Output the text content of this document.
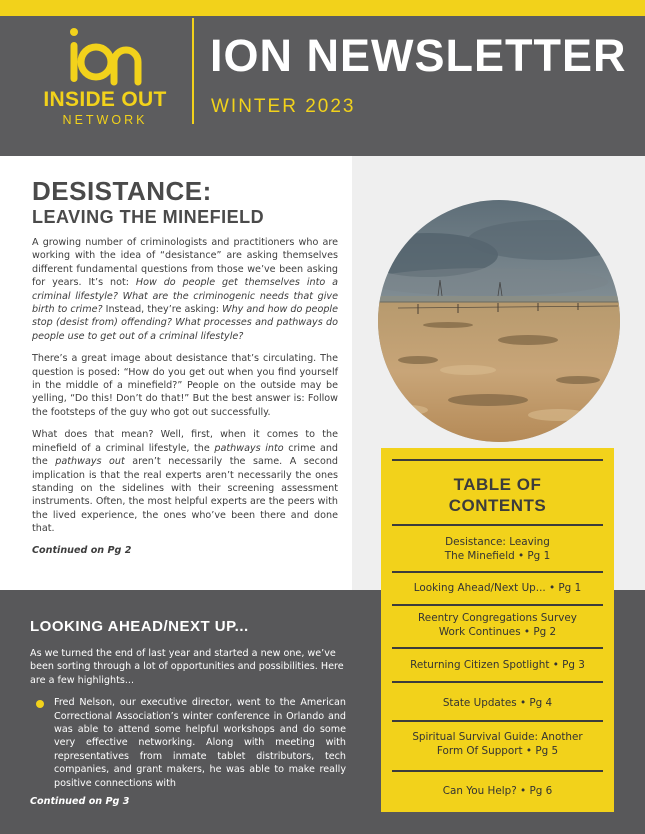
INSIDE OUT
NETWORK
ION NEWSLETTER
WINTER 2023
DESISTANCE:
LEAVING THE MINEFIELD

A growing number of criminologists and practitioners who are working with the idea of “desistance” are asking themselves different fundamental questions from those we’ve been asking for years. It’s not: How do people get themselves into a criminal lifestyle? What are the criminogenic needs that give birth to crime? Instead, they’re asking: Why and how do people stop (desist from) offending? What processes and pathways do people use to get out of a criminal lifestyle?

There’s a great image about desistance that’s circulating. The question is posed: “How do you get out when you find yourself in the middle of a minefield?” People on the outside may be yelling, “Do this! Don’t do that!” But the best answer is: Follow the footsteps of the guy who got out successfully.

What does that mean? Well, first, when it comes to the minefield of a criminal lifestyle, the pathways into crime and the pathways out aren’t necessarily the same. A second implication is that the real experts aren’t necessarily the ones standing on the sidelines with their screening assessment instruments. Often, the most helpful experts are the peers with the lived experience, the ones who’ve been there and done that.

Continued on Pg 2
LOOKING AHEAD/NEXT UP...

As we turned the end of last year and started a new one, we’ve been sorting through a lot of opportunities and possibilities. Here are a few highlights...

Fred Nelson, our executive director, went to the American Correctional Association’s winter conference in Orlando and was able to attend some helpful workshops and do some very effective networking. Along with meeting with representatives from inmate tablet distributors, tech companies, and grant makers, he was able to make really positive connections with

Continued on Pg 3
TABLE OF
CONTENTS
Desistance: Leaving
The Minefield • Pg 1
Looking Ahead/Next Up... • Pg 1
Reentry Congregations Survey
Work Continues • Pg 2
Returning Citizen Spotlight • Pg 3
State Updates • Pg 4
Spiritual Survival Guide: Another
Form Of Support • Pg 5
Can You Help? • Pg 6
